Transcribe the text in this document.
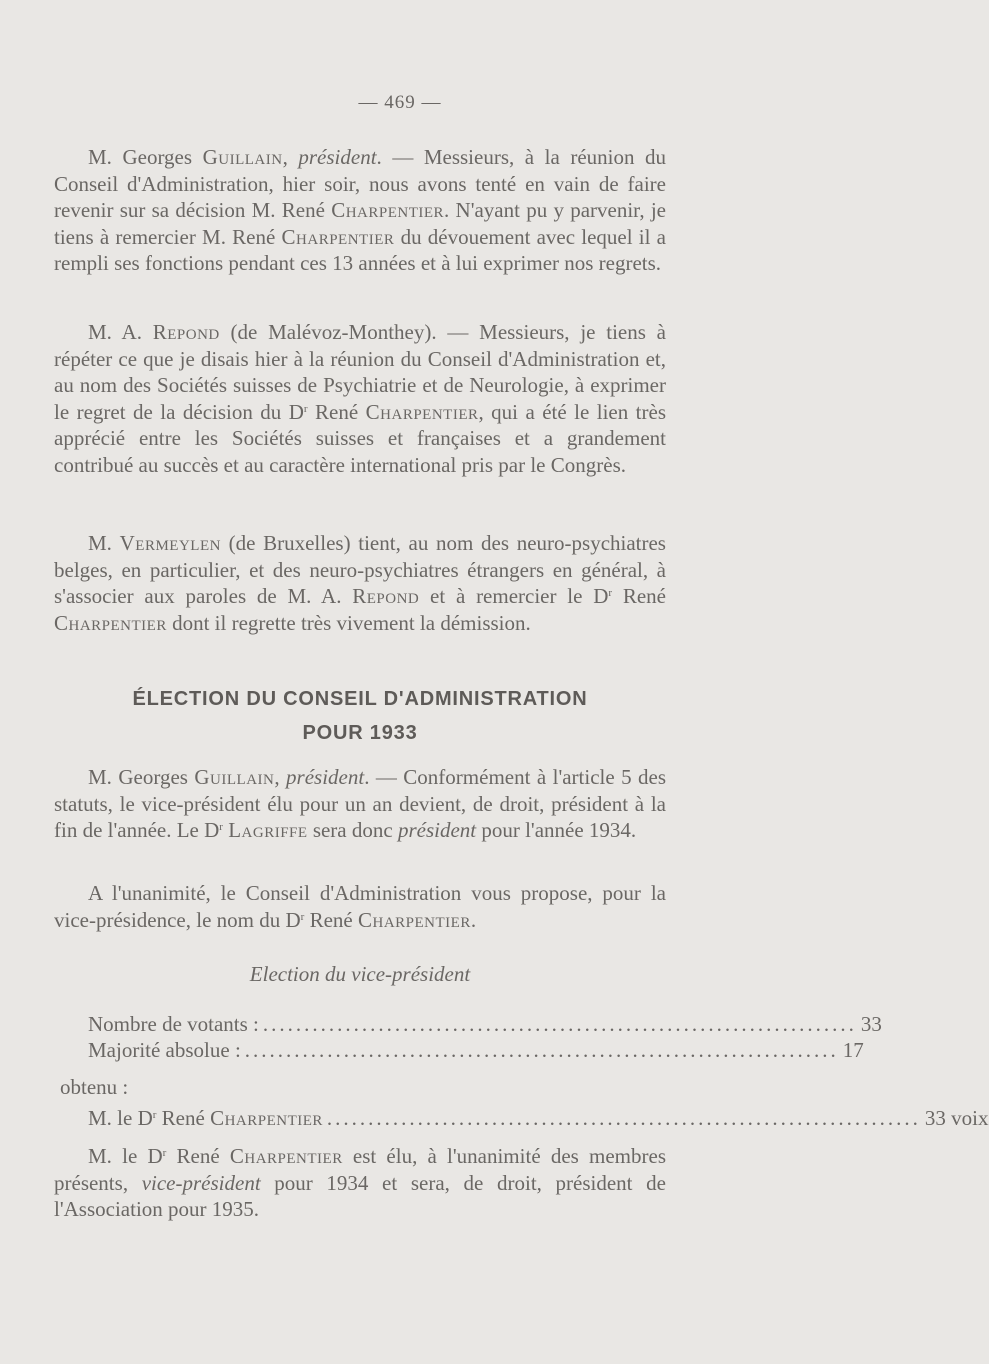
— 469 —

M. Georges Guillain, président. — Messieurs, à la réunion du Conseil d'Administration, hier soir, nous avons tenté en vain de faire revenir sur sa décision M. René Charpentier. N'ayant pu y parvenir, je tiens à remercier M. René Charpentier du dévouement avec lequel il a rempli ses fonctions pendant ces 13 années et à lui exprimer nos regrets.

M. A. Repond (de Malévoz-Monthey). — Messieurs, je tiens à répéter ce que je disais hier à la réunion du Conseil d'Administration et, au nom des Sociétés suisses de Psychiatrie et de Neurologie, à exprimer le regret de la décision du $D^r$ René Charpentier, qui a été le lien très apprécié entre les Sociétés suisses et françaises et a grandement contribué au succès et au caractère international pris par le Congrès.

M. Vermeylen (de Bruxelles) tient, au nom des neuro-psychiatres belges, en particulier, et des neuro-psychiatres étrangers en général, à s'associer aux paroles de M. A. Repond et à remercier le $D^r$ René Charpentier dont il regrette très vivement la démission.

ÉLECTION DU CONSEIL D'ADMINISTRATION
POUR 1933

M. Georges Guillain, président. — Conformément à l'article 5 des statuts, le vice-président élu pour un an devient, de droit, président à la fin de l'année. Le $D^r$ Lagriffe sera donc président pour l'année 1934.

A l'unanimité, le Conseil d'Administration vous propose, pour la vice-présidence, le nom du $D^r$ René Charpentier.

Election du vice-président
Nombre de votants : ........................................................................ 33
Majorité absolue : ........................................................................ 17
obtenu :
M. le $D^r$ René Charpentier ........................................................................ 33 voix

M. le $D^r$ René Charpentier est élu, à l'unanimité des membres présents, vice-président pour 1934 et sera, de droit, président de l'Association pour 1935.
